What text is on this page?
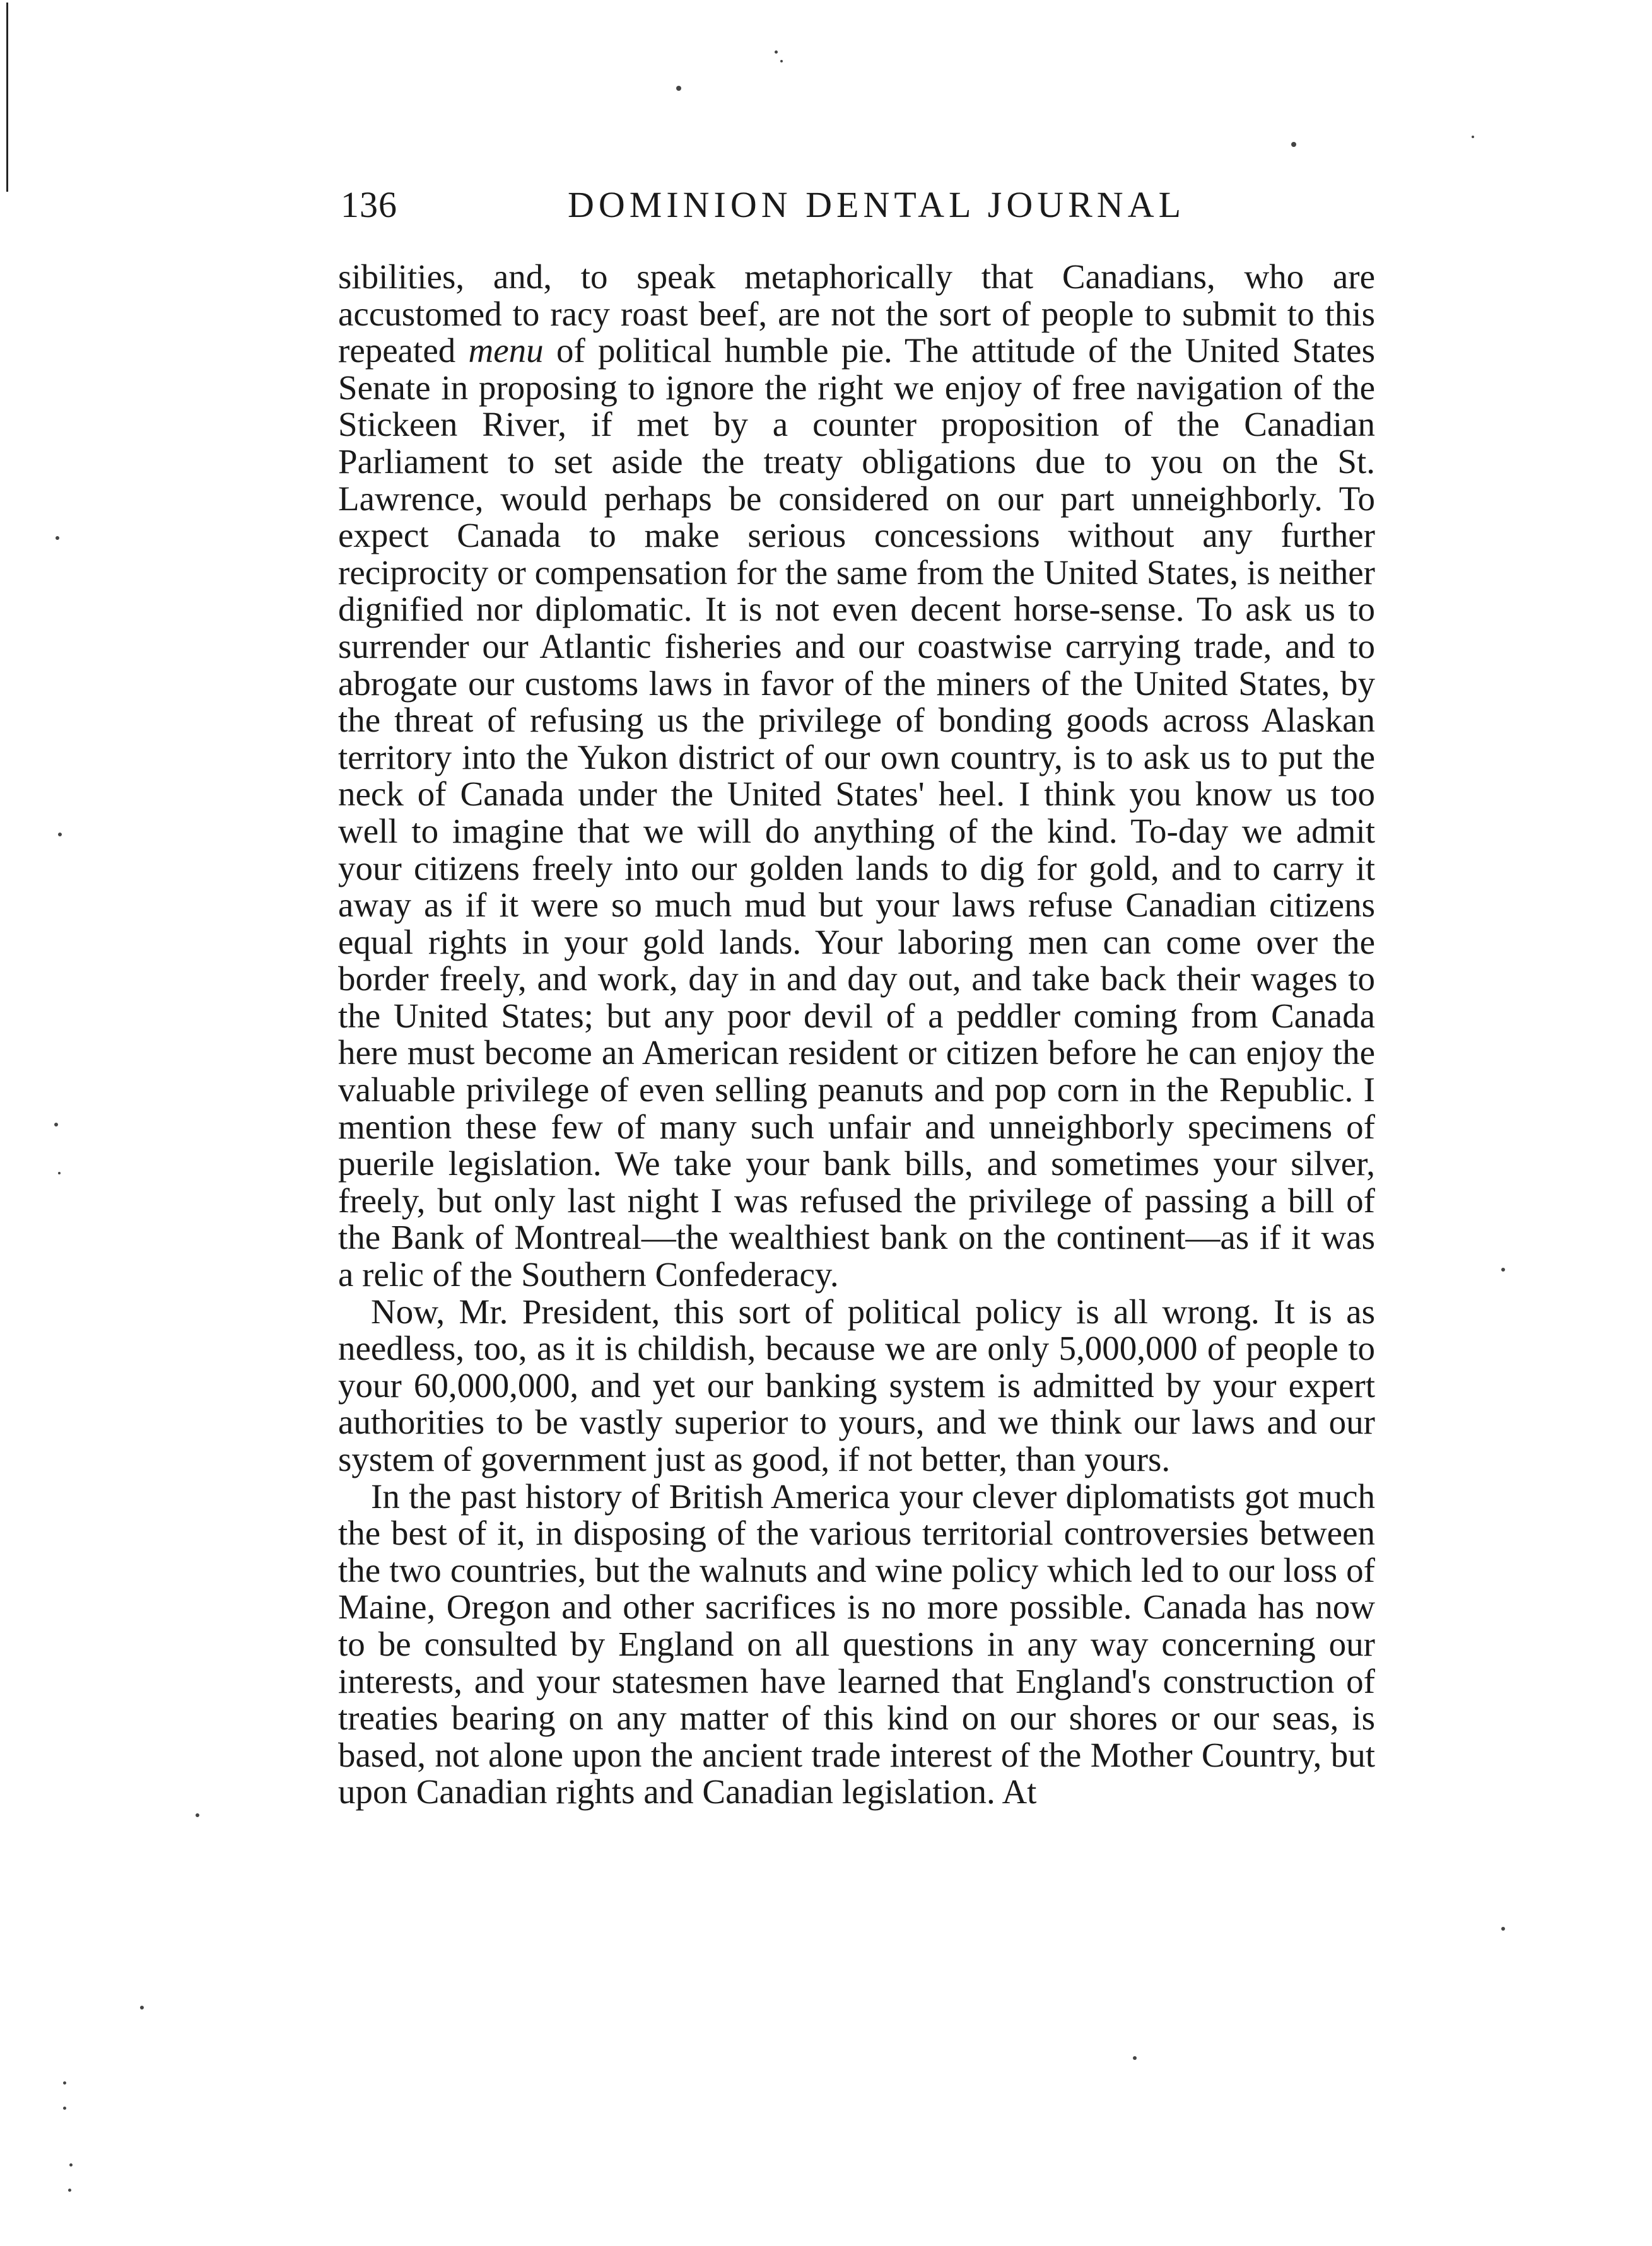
136	DOMINION DENTAL JOURNAL

sibilities, and, to speak metaphorically that Canadians, who are accustomed to racy roast beef, are not the sort of people to submit to this repeated menu of political humble pie. The attitude of the United States Senate in proposing to ignore the right we enjoy of free navigation of the Stickeen River, if met by a counter proposition of the Canadian Parliament to set aside the treaty obligations due to you on the St. Lawrence, would perhaps be considered on our part unneighborly. To expect Canada to make serious concessions without any further reciprocity or compensation for the same from the United States, is neither dignified nor diplomatic. It is not even decent horse-sense. To ask us to surrender our Atlantic fisheries and our coastwise carrying trade, and to abrogate our customs laws in favor of the miners of the United States, by the threat of refusing us the privilege of bonding goods across Alaskan territory into the Yukon district of our own country, is to ask us to put the neck of Canada under the United States' heel. I think you know us too well to imagine that we will do anything of the kind. To-day we admit your citizens freely into our golden lands to dig for gold, and to carry it away as if it were so much mud but your laws refuse Canadian citizens equal rights in your gold lands. Your laboring men can come over the border freely, and work, day in and day out, and take back their wages to the United States; but any poor devil of a peddler coming from Canada here must become an American resident or citizen before he can enjoy the valuable privilege of even selling peanuts and pop corn in the Republic. I mention these few of many such unfair and unneighborly specimens of puerile legislation. We take your bank bills, and sometimes your silver, freely, but only last night I was refused the privilege of passing a bill of the Bank of Montreal—the wealthiest bank on the continent—as if it was a relic of the Southern Confederacy.

Now, Mr. President, this sort of political policy is all wrong. It is as needless, too, as it is childish, because we are only 5,000,000 of people to your 60,000,000, and yet our banking system is admitted by your expert authorities to be vastly superior to yours, and we think our laws and our system of government just as good, if not better, than yours.

In the past history of British America your clever diplomatists got much the best of it, in disposing of the various territorial controversies between the two countries, but the walnuts and wine policy which led to our loss of Maine, Oregon and other sacrifices is no more possible. Canada has now to be consulted by England on all questions in any way concerning our interests, and your statesmen have learned that England's construction of treaties bearing on any matter of this kind on our shores or our seas, is based, not alone upon the ancient trade interest of the Mother Country, but upon Canadian rights and Canadian legislation. At
